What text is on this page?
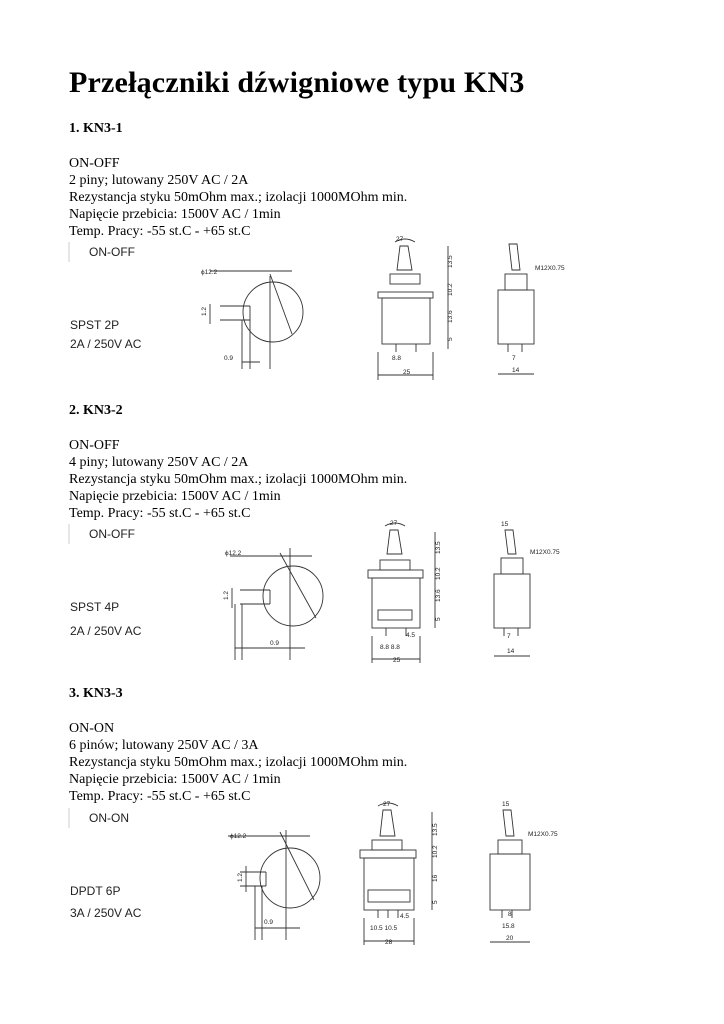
Przełączniki dźwigniowe typu KN3
1. KN3-1
ON-OFF
2 piny; lutowany 250V AC / 2A
Rezystancja styku 50mOhm max.; izolacji 1000MOhm min.
Napięcie przebicia: 1500V AC / 1min
Temp. Pracy: -55 st.C - +65 st.C
ON-OFF
SPST 2P
2A / 250V AC
ϕ12.2
1.2
0.9
27
13.5
10.2
13.6
5
8.8
25
M12X0.75
7
14
2. KN3-2
ON-OFF
4 piny; lutowany 250V AC / 2A
Rezystancja styku 50mOhm max.; izolacji 1000MOhm min.
Napięcie przebicia: 1500V AC / 1min
Temp. Pracy: -55 st.C - +65 st.C
ON-OFF
SPST 4P
2A / 250V AC
ϕ12.2
1.2
0.9
27
13.5
10.2
13.6
5
4.5
8.8 8.8
25
15
M12X0.75
7
14
3. KN3-3
ON-ON
6 pinów; lutowany 250V AC / 3A
Rezystancja styku 50mOhm max.; izolacji 1000MOhm min.
Napięcie przebicia: 1500V AC / 1min
Temp. Pracy: -55 st.C - +65 st.C
ON-ON
DPDT 6P
3A / 250V AC
ϕ12.2
1.2
0.9
27
13.5
10.2
16
5
4.5
10.5 10.5
28
15
M12X0.75
8
15.8
20
